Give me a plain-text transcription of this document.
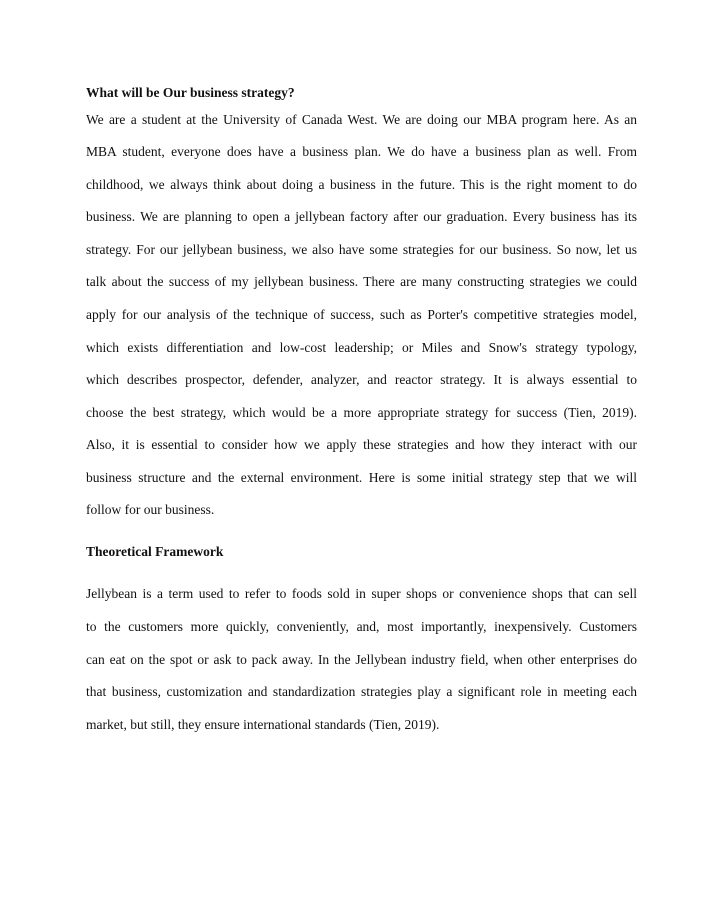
What will be Our business strategy?
We are a student at the University of Canada West. We are doing our MBA program here. As an
MBA student, everyone does have a business plan. We do have a business plan as well. From
childhood, we always think about doing a business in the future. This is the right moment to do
business. We are planning to open a jellybean factory after our graduation. Every business has its
strategy. For our jellybean business, we also have some strategies for our business. So now, let us
talk about the success of my jellybean business. There are many constructing strategies we could
apply for our analysis of the technique of success, such as Porter's competitive strategies model,
which exists differentiation and low-cost leadership; or Miles and Snow's strategy typology,
which describes prospector, defender, analyzer, and reactor strategy. It is always essential to
choose the best strategy, which would be a more appropriate strategy for success (Tien, 2019).
Also, it is essential to consider how we apply these strategies and how they interact with our
business structure and the external environment. Here is some initial strategy step that we will
follow for our business.
Theoretical Framework
Jellybean is a term used to refer to foods sold in super shops or convenience shops that can sell
to the customers more quickly, conveniently, and, most importantly, inexpensively. Customers
can eat on the spot or ask to pack away. In the Jellybean industry field, when other enterprises do
that business, customization and standardization strategies play a significant role in meeting each
market, but still, they ensure international standards (Tien, 2019).
